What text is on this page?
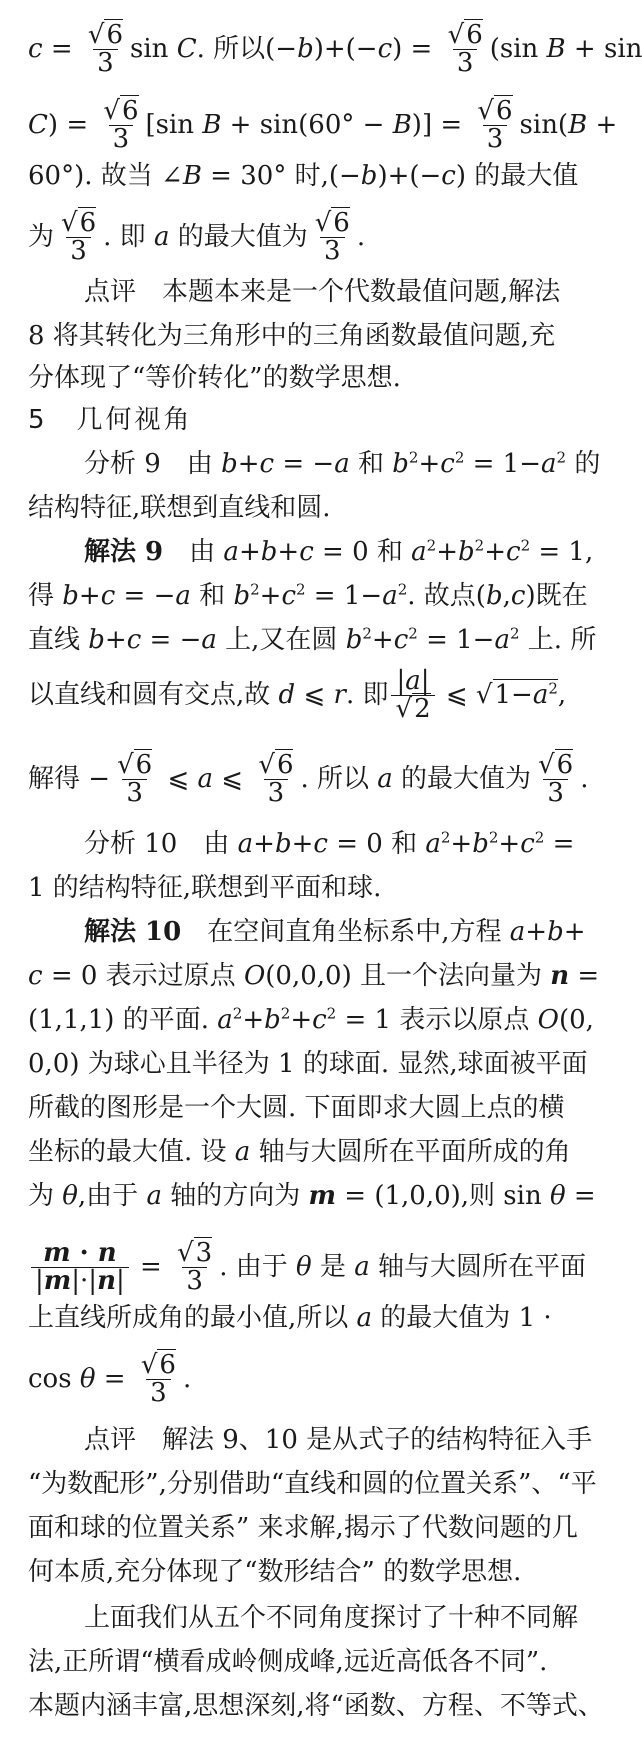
$c = \frac{√6}{3}$ sin C. 所以$(-b)+(-c) = \frac{√6}{3} (\sin$ B + sin
$C) = \frac{√6}{3} [\sin$ $B + \sin(60^\circ - B)] = \frac{√6}{3} \sin(B$ +
60°). 故当 ∠B = 30° 时,(−b)+(−c) 的最大值
为 $\frac{√6}{3}$ . 即 a 的最大值为 $\frac{√6}{3}$ .
点评　本题本来是一个代数最值问题,解法
8 将其转化为三角形中的三角函数最值问题,充
分体现了“等价转化”的数学思想.
5　几何视角
分析 9　由 b+c = −a 和 $b^2+c^2 = 1-a^2$ 的
结构特征,联想到直线和圆.
解法 9　由 a+b+c = 0 和 $a^2+b^2+c^2 = 1$,
得 b+c = −a 和 $b^2+c^2 = 1-a^2$. 故点(b,c)既在
直线 b+c = −a 上,又在圆 $b^2+c^2 = 1-a^2$ 上. 所
以直线和圆有交点,故 d ⩽ r. 即 $\frac{|a|}{√2}$ ⩽ $√1-a^2$,
解得 − $\frac{√6}{3}$ ⩽ a ⩽ $\frac{√6}{3}$ . 所以 a 的最大值为 $\frac{√6}{3}$ .
分析 10　由 a+b+c = 0 和 $a^2+b^2+c^2$ =
1 的结构特征,联想到平面和球.
解法 10　在空间直角坐标系中,方程 a+b+
c = 0 表示过原点 O(0,0,0) 且一个法向量为 n =
(1,1,1) 的平面. $a^2+b^2+c^2 = 1$ 表示以原点 O(0,
0,0) 为球心且半径为 1 的球面. 显然,球面被平面
所截的图形是一个大圆. 下面即求大圆上点的横
坐标的最大值. 设 a 轴与大圆所在平面所成的角
为 θ,由于 a 轴的方向为 m = (1,0,0),则 sin θ =
$\frac{m \cdot n}{|m|\cdot|n|} = \frac{√3}{3}$ . 由于 θ 是 a 轴与大圆所在平面
上直线所成角的最小值,所以 a 的最大值为 1 ·
$\cos \theta = \frac{√6}{3}$ .
点评　解法 9、10 是从式子的结构特征入手
“为数配形”,分别借助“直线和圆的位置关系”、“平
面和球的位置关系” 来求解,揭示了代数问题的几
何本质,充分体现了“数形结合” 的数学思想.
上面我们从五个不同角度探讨了十种不同解
法,正所谓“横看成岭侧成峰,远近高低各不同”.
本题内涵丰富,思想深刻,将“函数、方程、不等式、
